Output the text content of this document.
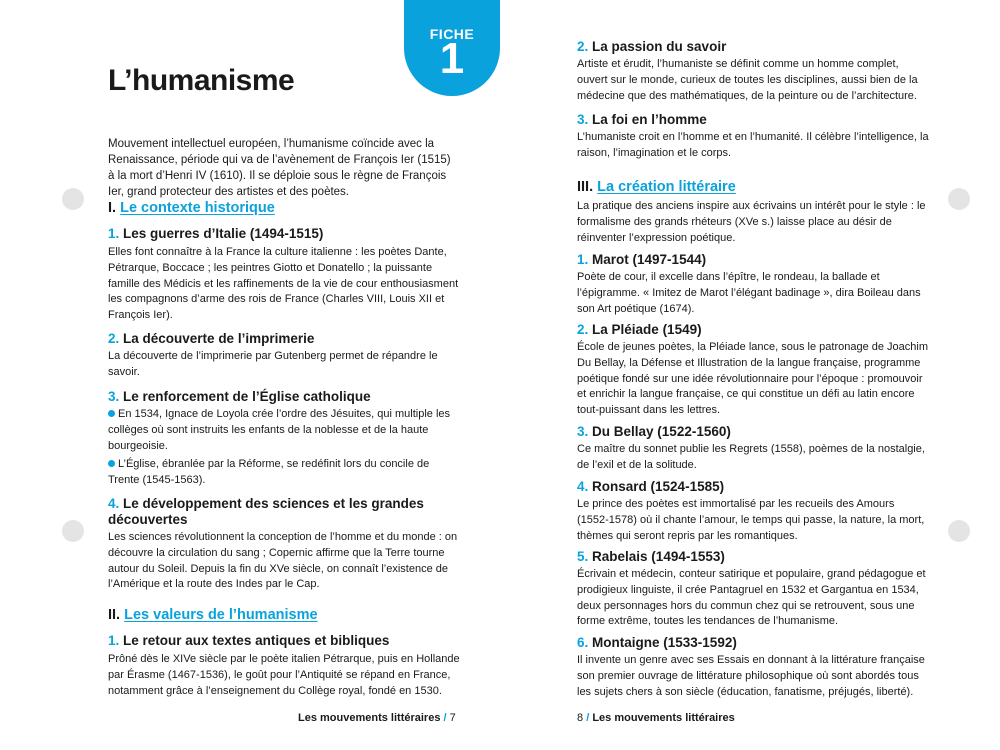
FICHE
1
L’humanisme

Mouvement intellectuel européen, l’humanisme coïncide avec la Renaissance, période qui va de l’avènement de François Ier (1515) à la mort d’Henri IV (1610). Il se déploie sous le règne de François Ier, grand protecteur des artistes et des poètes.

I. Le contexte historique
1. Les guerres d’Italie (1494-1515)

Elles font connaître à la France la culture italienne : les poètes Dante, Pétrarque, Boccace ; les peintres Giotto et Donatello ; la puissante famille des Médicis et les raffinements de la vie de cour enthousiasment les compagnons d’arme des rois de France (Charles VIII, Louis XII et François Ier).

2. La découverte de l’imprimerie

La découverte de l’imprimerie par Gutenberg permet de répandre le savoir.

3. Le renforcement de l’Église catholique

En 1534, Ignace de Loyola crée l’ordre des Jésuites, qui multiple les collèges où sont instruits les enfants de la noblesse et de la haute bourgeoisie.

L’Église, ébranlée par la Réforme, se redéfinit lors du concile de Trente (1545-1563).

4. Le développement des sciences et les grandes découvertes

Les sciences révolutionnent la conception de l’homme et du monde : on découvre la circulation du sang ; Copernic affirme que la Terre tourne autour du Soleil. Depuis la fin du XVe siècle, on connaît l’existence de l’Amérique et la route des Indes par le Cap.

II. Les valeurs de l’humanisme
1. Le retour aux textes antiques et bibliques

Prôné dès le XIVe siècle par le poète italien Pétrarque, puis en Hollande par Érasme (1467-1536), le goût pour l’Antiquité se répand en France, notamment grâce à l’enseignement du Collège royal, fondé en 1530.

2. La passion du savoir

Artiste et érudit, l’humaniste se définit comme un homme complet, ouvert sur le monde, curieux de toutes les disciplines, aussi bien de la médecine que des mathématiques, de la peinture ou de l’architecture.

3. La foi en l’homme

L’humaniste croit en l’homme et en l’humanité. Il célèbre l’intelligence, la raison, l’imagination et le corps.

III. La création littéraire

La pratique des anciens inspire aux écrivains un intérêt pour le style : le formalisme des grands rhéteurs (XVe s.) laisse place au désir de réinventer l’expression poétique.

1. Marot (1497-1544)

Poète de cour, il excelle dans l’épître, le rondeau, la ballade et l’épigramme. « Imitez de Marot l’élégant badinage », dira Boileau dans son Art poétique (1674).

2. La Pléiade (1549)

École de jeunes poètes, la Pléiade lance, sous le patronage de Joachim Du Bellay, la Défense et Illustration de la langue française, programme poétique fondé sur une idée révolutionnaire pour l’époque : promouvoir et enrichir la langue française, ce qui constitue un défi au latin encore tout-puissant dans les lettres.

3. Du Bellay (1522-1560)

Ce maître du sonnet publie les Regrets (1558), poèmes de la nostalgie, de l’exil et de la solitude.

4. Ronsard (1524-1585)

Le prince des poètes est immortalisé par les recueils des Amours (1552-1578) où il chante l’amour, le temps qui passe, la nature, la mort, thèmes qui seront repris par les romantiques.

5. Rabelais (1494-1553)

Écrivain et médecin, conteur satirique et populaire, grand pédagogue et prodigieux linguiste, il crée Pantagruel en 1532 et Gargantua en 1534, deux personnages hors du commun chez qui se retrouvent, sous une forme extrême, toutes les tendances de l’humanisme.

6. Montaigne (1533-1592)

Il invente un genre avec ses Essais en donnant à la littérature française son premier ouvrage de littérature philosophique où sont abordés tous les sujets chers à son siècle (éducation, fanatisme, préjugés, liberté).

Les mouvements littéraires / 7	8 / Les mouvements littéraires
